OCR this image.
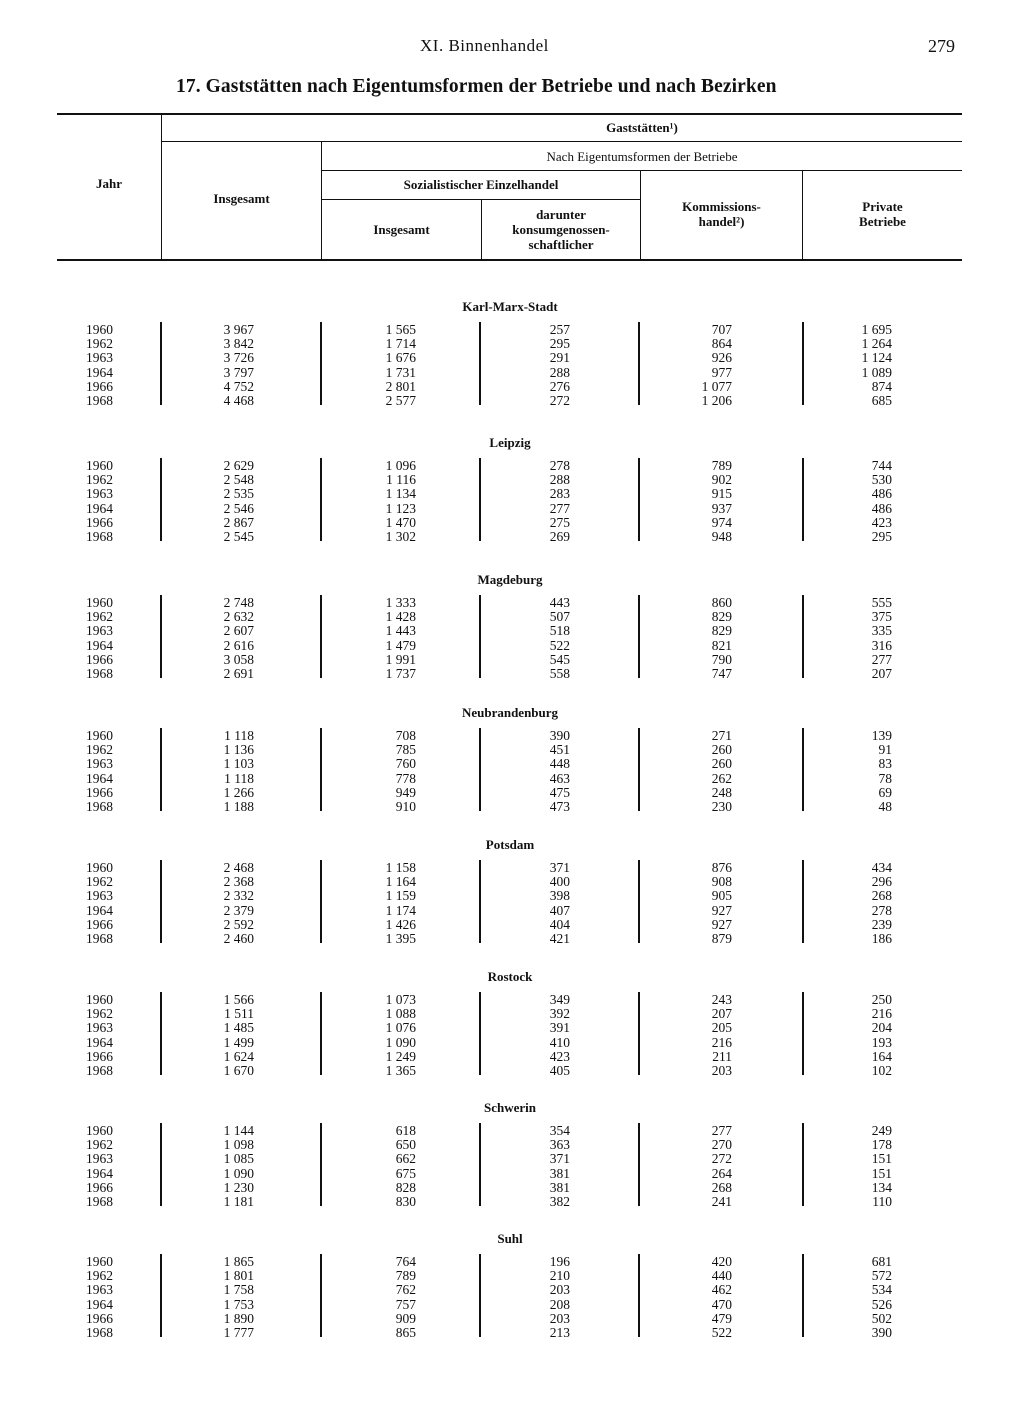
XI. Binnenhandel	279
17. Gaststätten nach Eigentumsformen der Betriebe und nach Bezirken
Jahr
Gaststätten¹)
Insgesamt
Nach Eigentumsformen der Betriebe
Sozialistischer Einzelhandel
Insgesamt
darunter
konsumgenossen-
schaftlicher
Kommissions-
handel²)
Private
Betriebe
Karl-Marx-Stadt
1960	3 967	1 565	257	707	1 695
1962	3 842	1 714	295	864	1 264
1963	3 726	1 676	291	926	1 124
1964	3 797	1 731	288	977	1 089
1966	4 752	2 801	276	1 077	874
1968	4 468	2 577	272	1 206	685
Leipzig
1960	2 629	1 096	278	789	744
1962	2 548	1 116	288	902	530
1963	2 535	1 134	283	915	486
1964	2 546	1 123	277	937	486
1966	2 867	1 470	275	974	423
1968	2 545	1 302	269	948	295
Magdeburg
1960	2 748	1 333	443	860	555
1962	2 632	1 428	507	829	375
1963	2 607	1 443	518	829	335
1964	2 616	1 479	522	821	316
1966	3 058	1 991	545	790	277
1968	2 691	1 737	558	747	207
Neubrandenburg
1960	1 118	708	390	271	139
1962	1 136	785	451	260	91
1963	1 103	760	448	260	83
1964	1 118	778	463	262	78
1966	1 266	949	475	248	69
1968	1 188	910	473	230	48
Potsdam
1960	2 468	1 158	371	876	434
1962	2 368	1 164	400	908	296
1963	2 332	1 159	398	905	268
1964	2 379	1 174	407	927	278
1966	2 592	1 426	404	927	239
1968	2 460	1 395	421	879	186
Rostock
1960	1 566	1 073	349	243	250
1962	1 511	1 088	392	207	216
1963	1 485	1 076	391	205	204
1964	1 499	1 090	410	216	193
1966	1 624	1 249	423	211	164
1968	1 670	1 365	405	203	102
Schwerin
1960	1 144	618	354	277	249
1962	1 098	650	363	270	178
1963	1 085	662	371	272	151
1964	1 090	675	381	264	151
1966	1 230	828	381	268	134
1968	1 181	830	382	241	110
Suhl
1960	1 865	764	196	420	681
1962	1 801	789	210	440	572
1963	1 758	762	203	462	534
1964	1 753	757	208	470	526
1966	1 890	909	203	479	502
1968	1 777	865	213	522	390
